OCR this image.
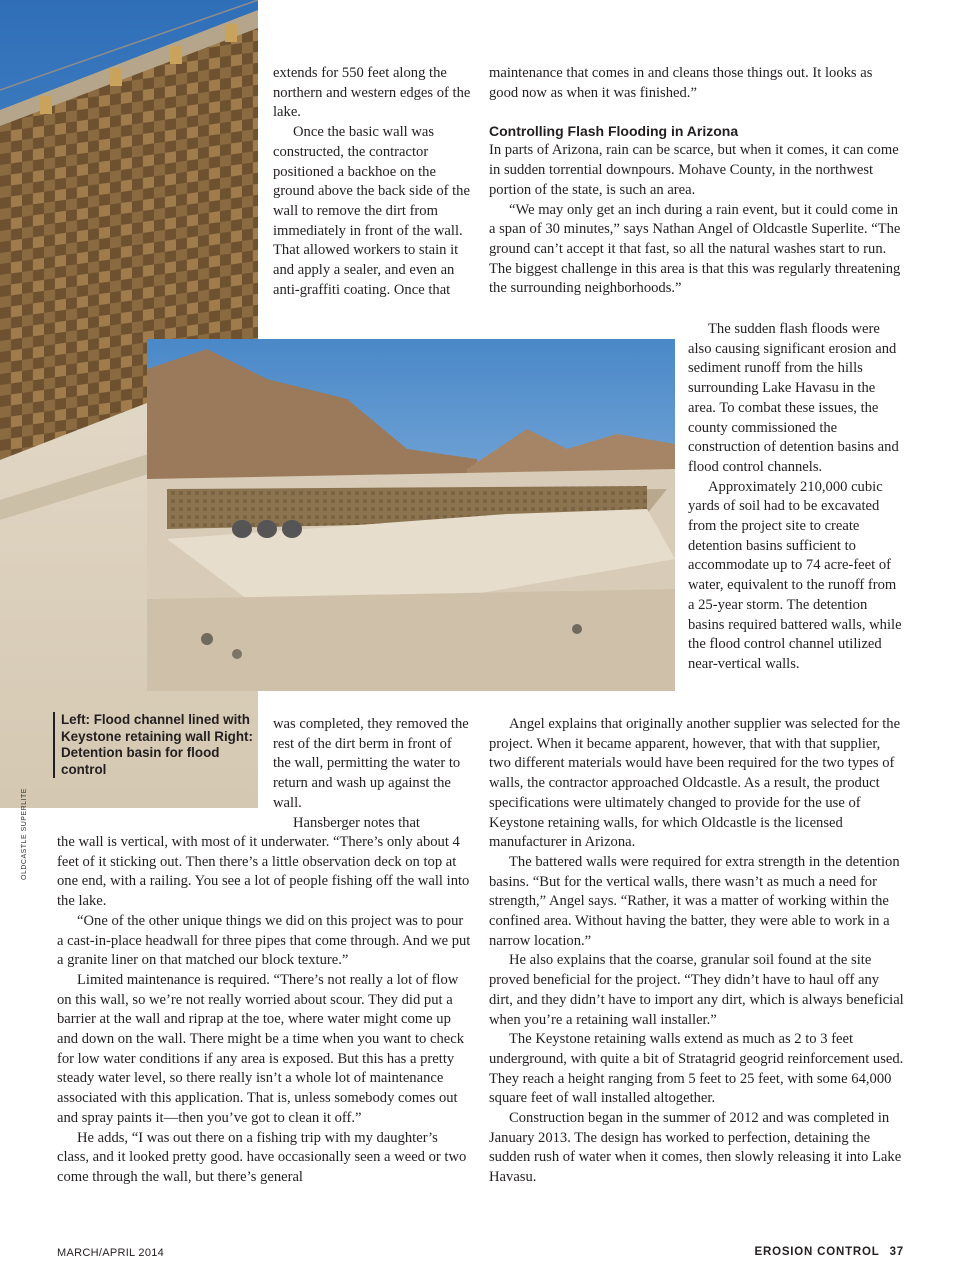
extends for 550 feet along the northern and western edges of the lake.

Once the basic wall was constructed, the contractor positioned a backhoe on the ground above the back side of the wall to remove the dirt from immediately in front of the wall. That allowed workers to stain it and apply a sealer, and even an anti-graffiti coating. Once that

was completed, they removed the rest of the dirt berm in front of the wall, permitting the water to return and wash up against the wall.

Hansberger notes that

Left: Flood channel lined with Keystone retaining wall Right: Detention basin for flood control
OLDCASTLE SUPERLITE the wall is vertical, with most of it underwater. “There’s only about 4 feet of it sticking out. Then there’s a little observation deck on top at one end, with a railing. You see a lot of people fishing off the wall into the lake.

“One of the other unique things we did on this project was to pour a cast-in-place headwall for three pipes that come through. And we put a granite liner on that matched our block texture.”

Limited maintenance is required. “There’s not really a lot of flow on this wall, so we’re not really worried about scour. They did put a barrier at the wall and riprap at the toe, where water might come up and down on the wall. There might be a time when you want to check for low water conditions if any area is exposed. But this has a pretty steady water level, so there really isn’t a whole lot of maintenance associated with this application. That is, unless somebody comes out and spray paints it—then you’ve got to clean it off.”

He adds, “I was out there on a fishing trip with my daughter’s class, and it looked pretty good. have occasionally seen a weed or two come through the wall, but there’s general

maintenance that comes in and cleans those things out. It looks as good now as when it was finished.”

Controlling Flash Flooding in Arizona

In parts of Arizona, rain can be scarce, but when it comes, it can come in sudden torrential downpours. Mohave County, in the northwest portion of the state, is such an area.

“We may only get an inch during a rain event, but it could come in a span of 30 minutes,” says Nathan Angel of Oldcastle Superlite. “The ground can’t accept it that fast, so all the natural washes start to run. The biggest challenge in this area is that this was regularly threatening the surrounding neighborhoods.”

The sudden flash floods were also causing significant erosion and sediment runoff from the hills surrounding Lake Havasu in the area. To combat these issues, the county commissioned the construction of detention basins and flood control channels.

Approximately 210,000 cubic yards of soil had to be excavated from the project site to create detention basins sufficient to accommodate up to 74 acre-feet of water, equivalent to the runoff from a 25-year storm. The detention basins required battered walls, while the flood control channel utilized near-vertical walls.

Angel explains that originally another supplier was selected for the project. When it became apparent, however, that with that supplier, two different materials would have been required for the two types of walls, the contractor approached Oldcastle. As a result, the product specifications were ultimately changed to provide for the use of Keystone retaining walls, for which Oldcastle is the licensed manufacturer in Arizona.

The battered walls were required for extra strength in the detention basins. “But for the vertical walls, there wasn’t as much a need for strength,” Angel says. “Rather, it was a matter of working within the confined area. Without having the batter, they were able to work in a narrow location.”

He also explains that the coarse, granular soil found at the site proved beneficial for the project. “They didn’t have to haul off any dirt, and they didn’t have to import any dirt, which is always beneficial when you’re a retaining wall installer.”

The Keystone retaining walls extend as much as 2 to 3 feet underground, with quite a bit of Stratagrid geogrid reinforcement used. They reach a height ranging from 5 feet to 25 feet, with some 64,000 square feet of wall installed altogether.

Construction began in the summer of 2012 and was completed in January 2013. The design has worked to perfection, detaining the sudden rush of water when it comes, then slowly releasing it into Lake Havasu.

MARCH/APRIL 2014	EROSION CONTROL 37
